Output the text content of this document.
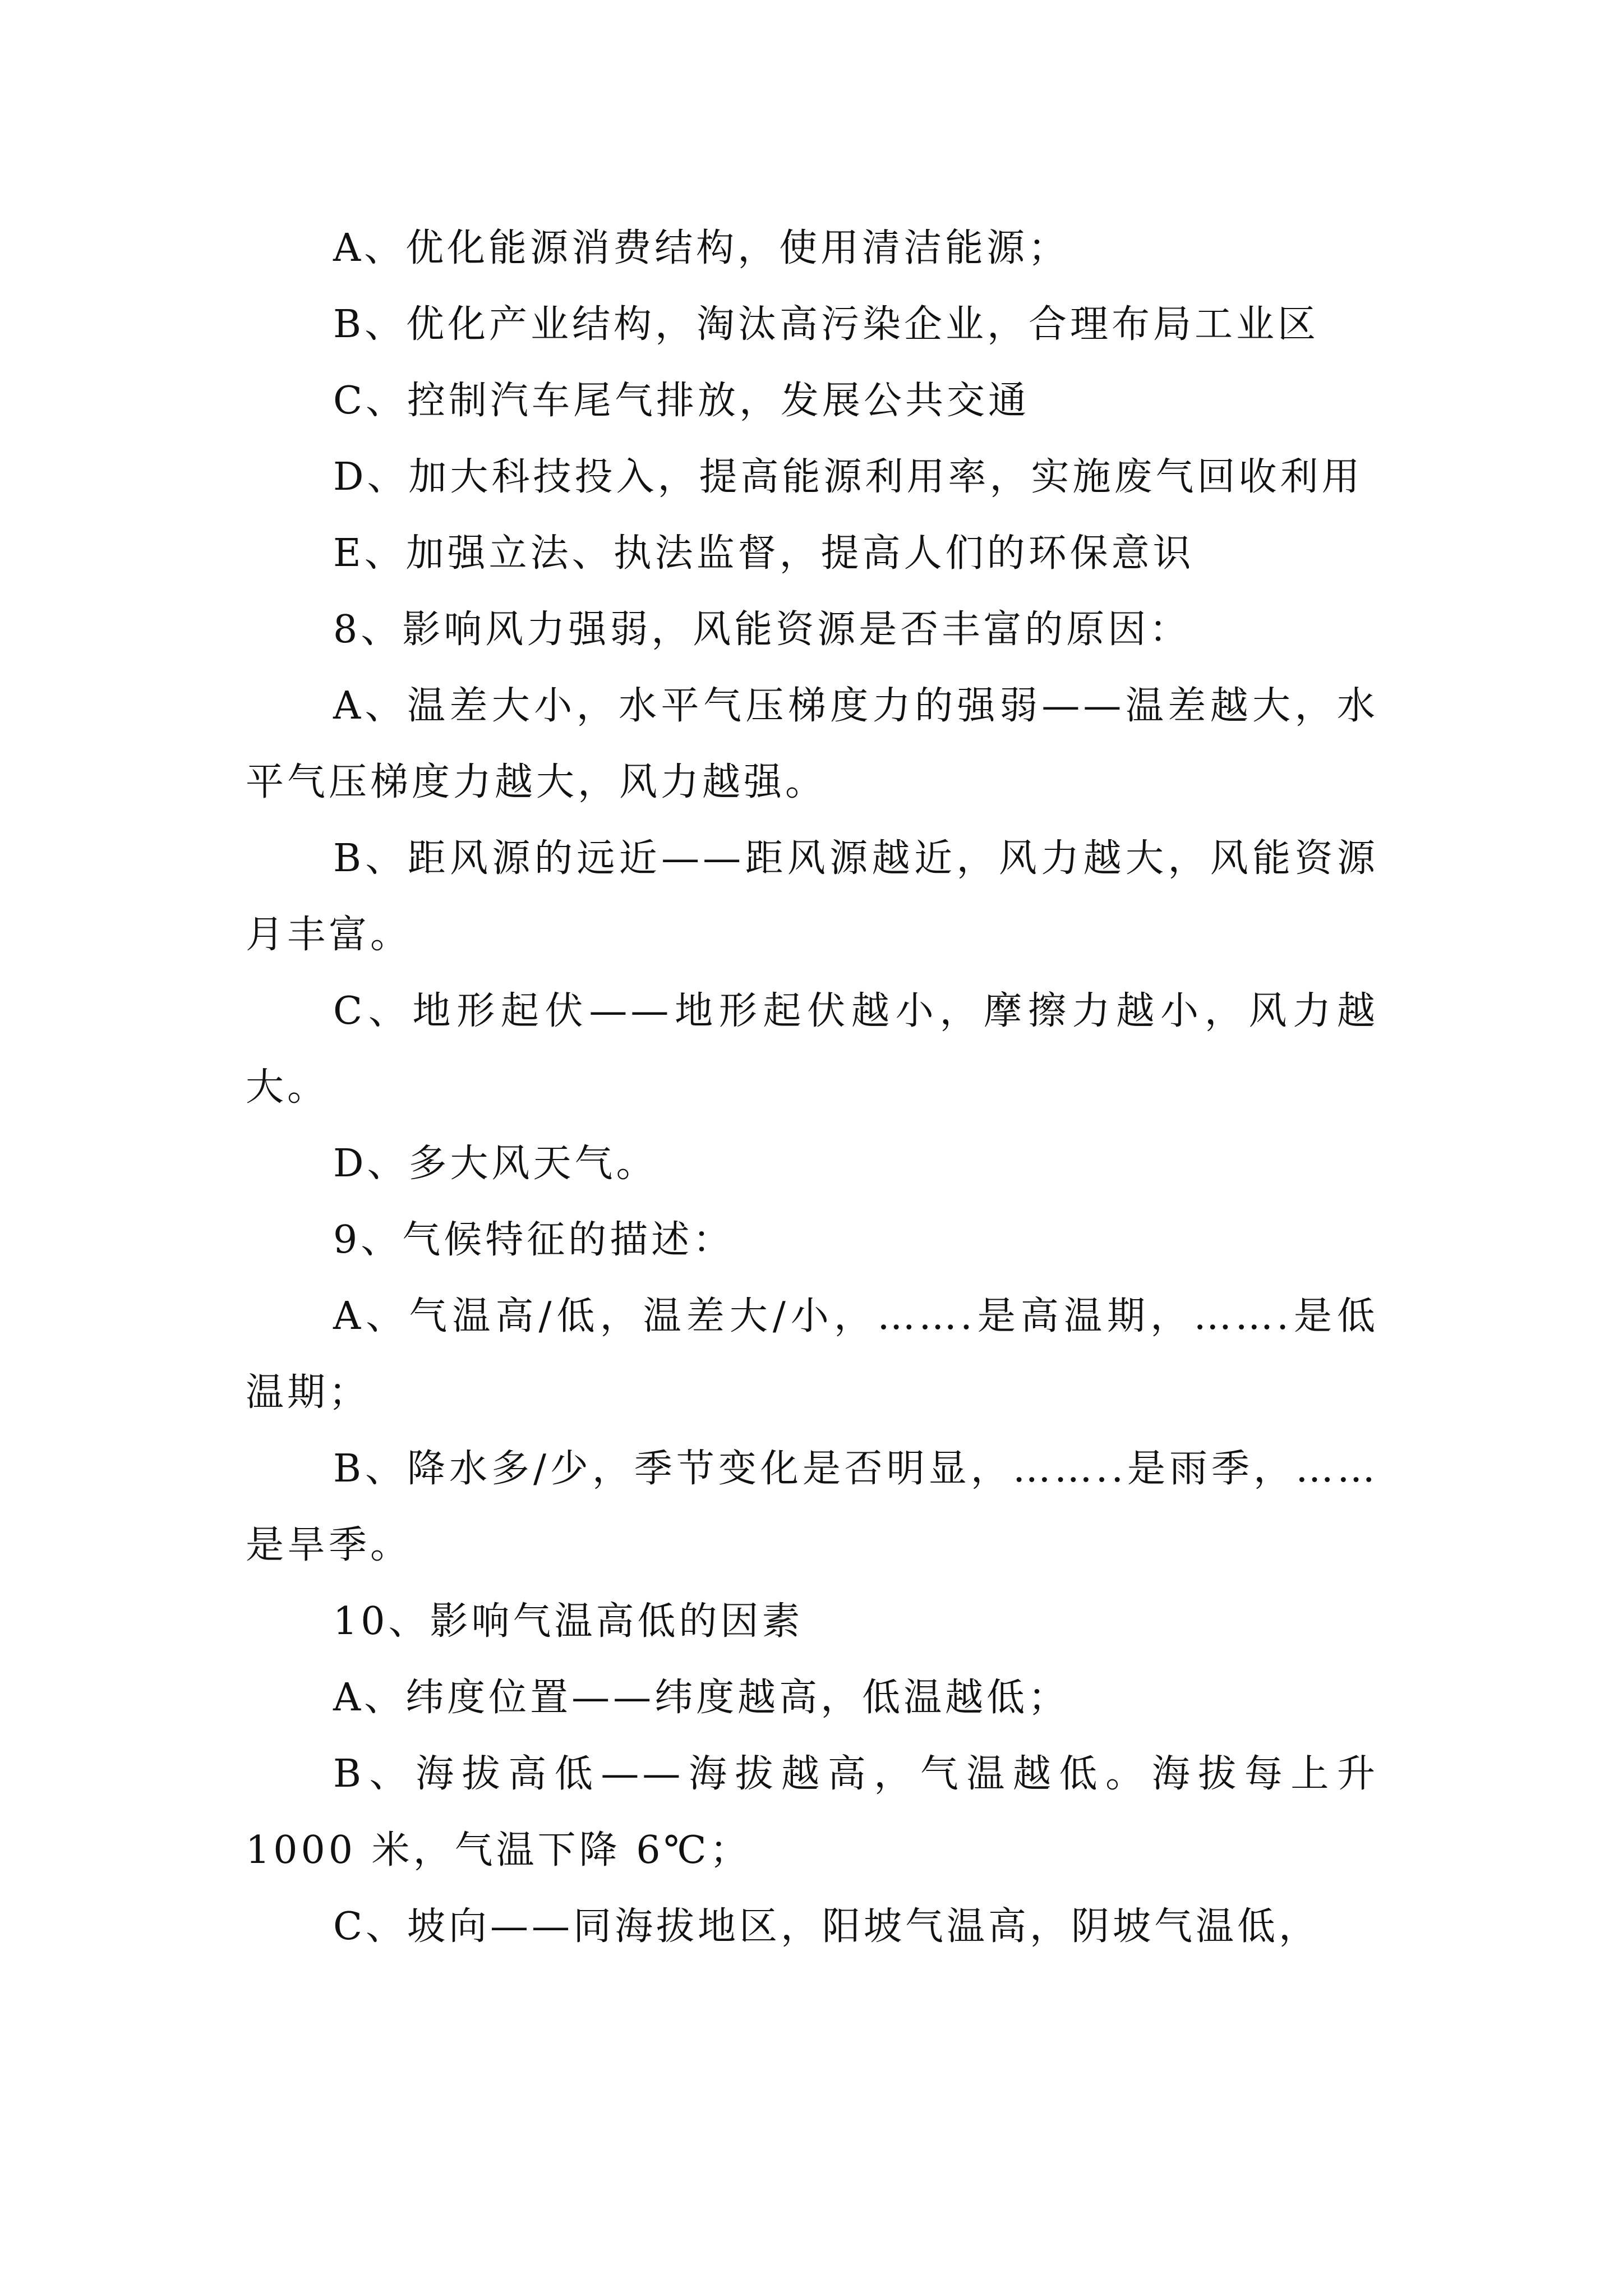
A、优化能源消费结构，使用清洁能源；

B、优化产业结构，淘汰高污染企业，合理布局工业区

C、控制汽车尾气排放，发展公共交通

D、加大科技投入，提高能源利用率，实施废气回收利用

E、加强立法、执法监督，提高人们的环保意识

8、影响风力强弱，风能资源是否丰富的原因：

A、温差大小，水平气压梯度力的强弱——温差越大，水平气压梯度力越大，风力越强。

B、距风源的远近——距风源越近，风力越大，风能资源月丰富。

C、地形起伏——地形起伏越小，摩擦力越小，风力越大。

D、多大风天气。

9、气候特征的描述：

A、气温高/低，温差大/小，…….是高温期，…….是低温期；

B、降水多/少，季节变化是否明显，……..是雨季，……是旱季。

10、影响气温高低的因素

A、纬度位置——纬度越高，低温越低；

B、海拔高低——海拔越高，气温越低。海拔每上升 1000 米，气温下降 6℃；

C、坡向——同海拔地区，阳坡气温高，阴坡气温低，
